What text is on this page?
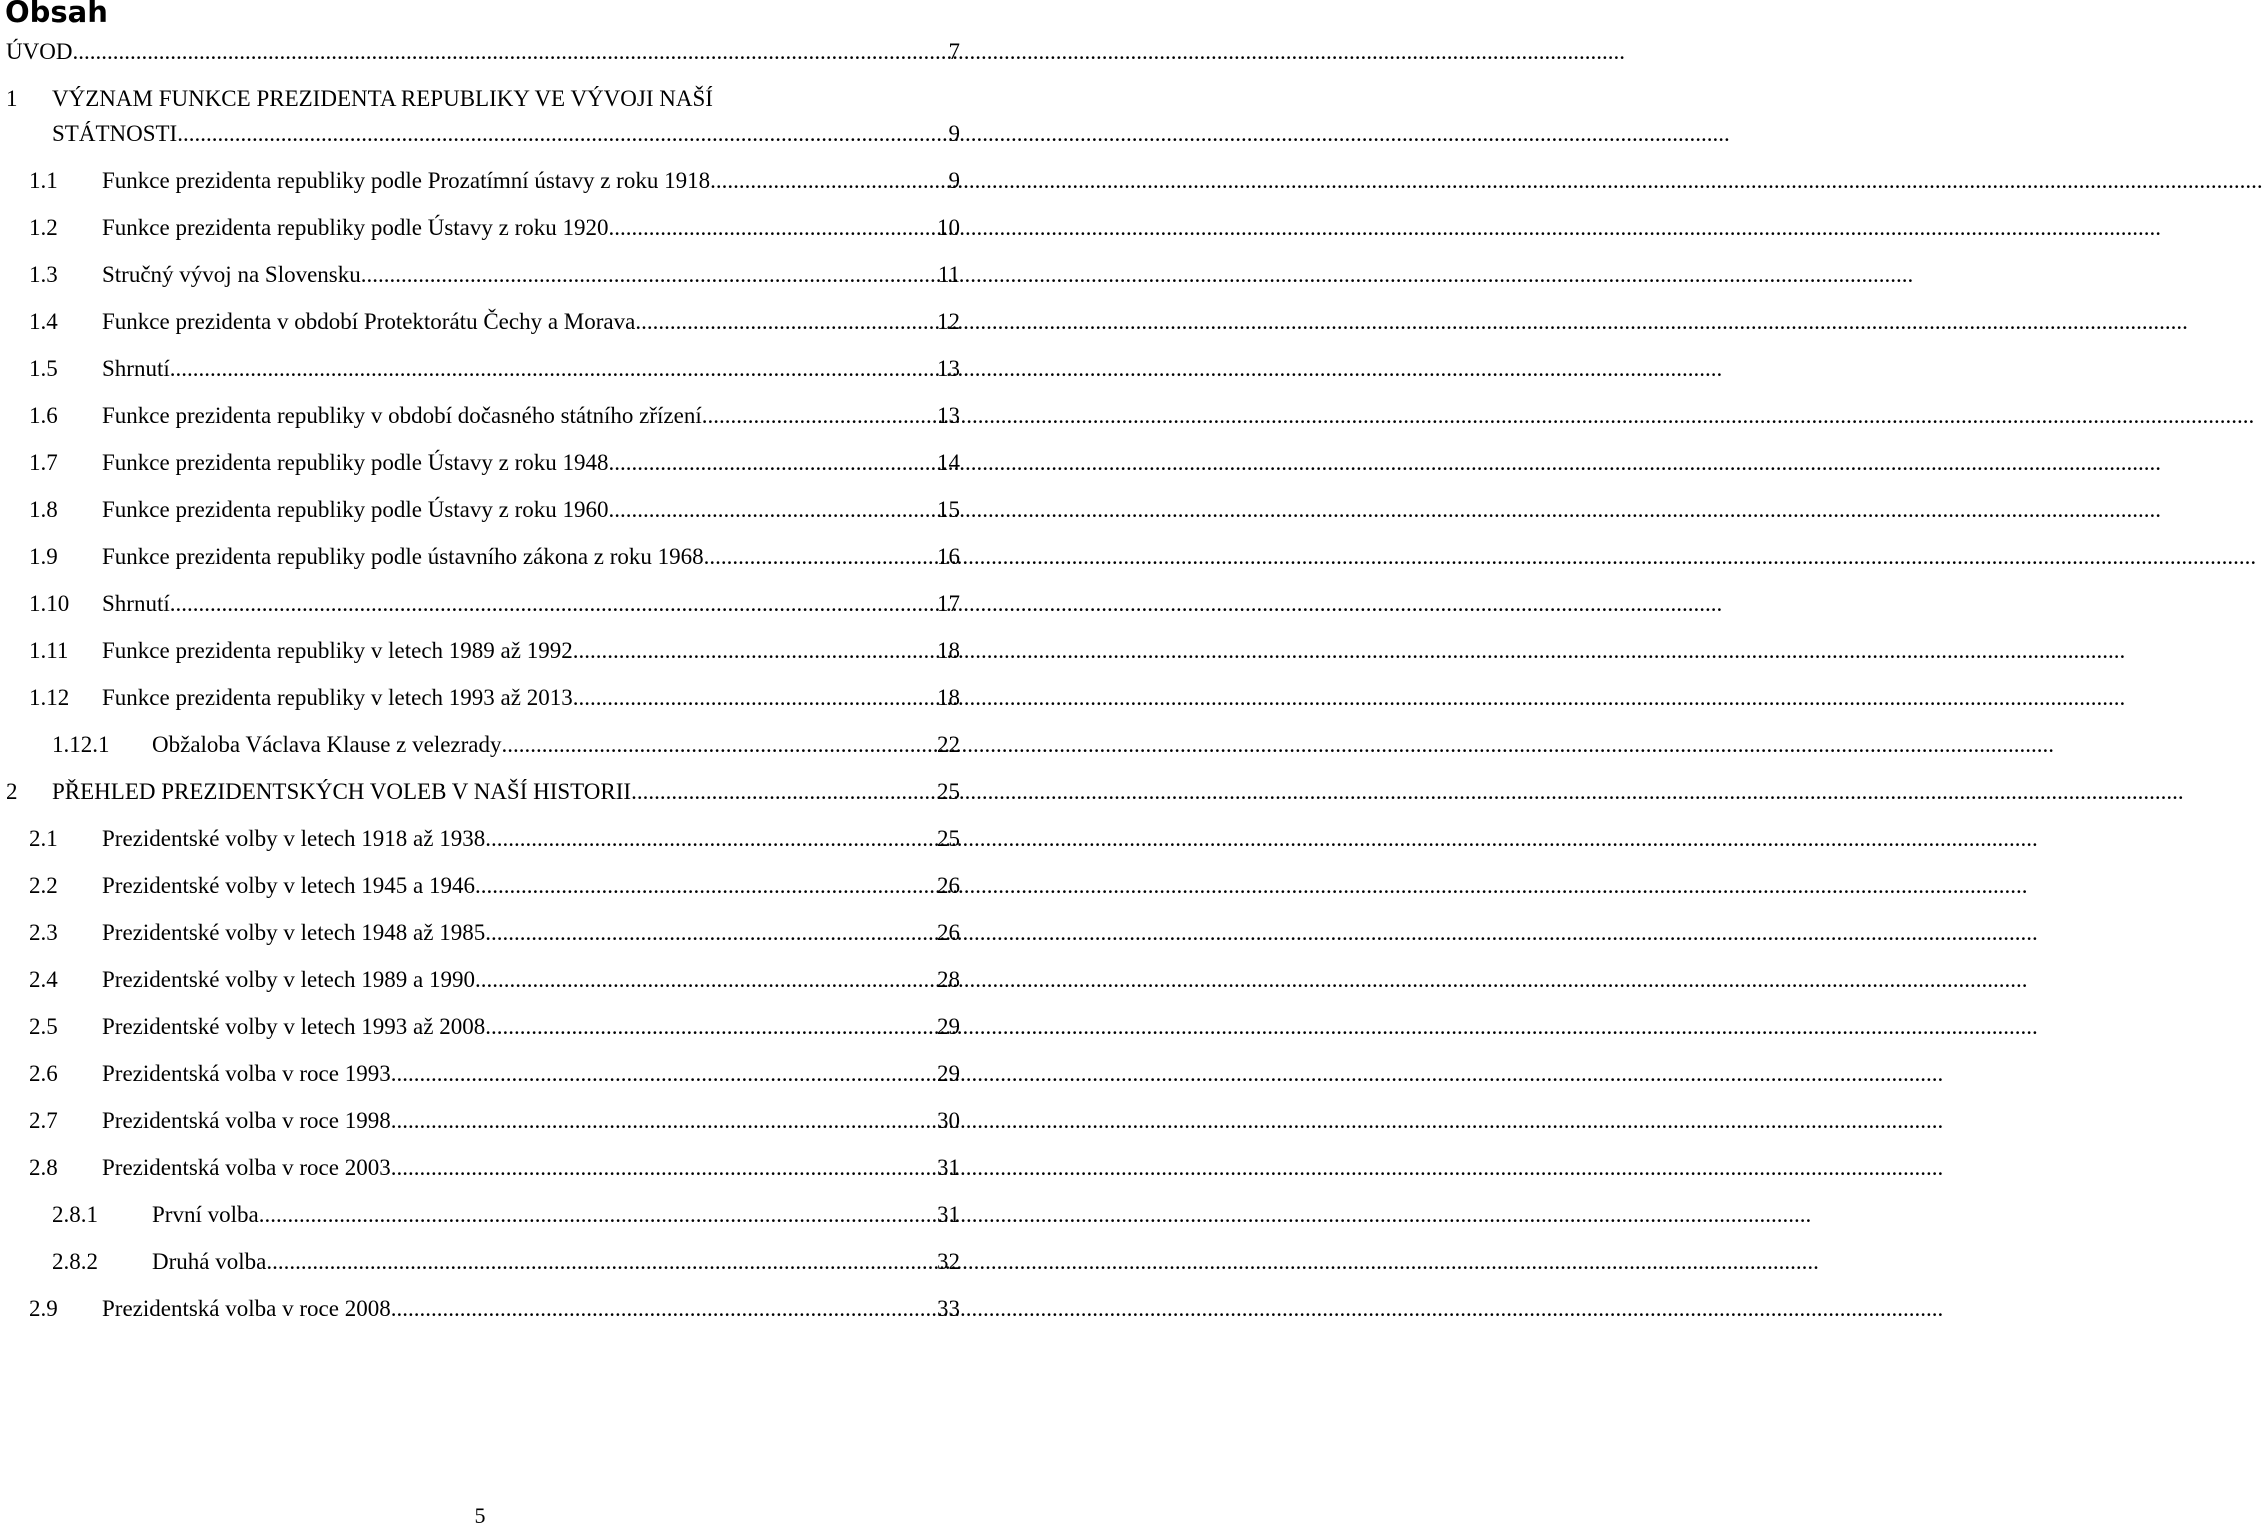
Obsah
ÚVOD .....	7
1 VÝZNAM FUNKCE PREZIDENTA REPUBLIKY VE VÝVOJI NAŠÍ
STÁTNOSTI .....	9
1.1	Funkce prezidenta republiky podle Prozatímní ústavy z roku 1918 .....	9
1.2	Funkce prezidenta republiky podle Ústavy z roku 1920 .....	10
1.3	Stručný vývoj na Slovensku .....	11
1.4	Funkce prezidenta v období Protektorátu Čechy a Morava .....	12
1.5	Shrnutí .....	13
1.6	Funkce prezidenta republiky v období dočasného státního zřízení .....	13
1.7	Funkce prezidenta republiky podle Ústavy z roku 1948 .....	14
1.8	Funkce prezidenta republiky podle Ústavy z roku 1960 .....	15
1.9	Funkce prezidenta republiky podle ústavního zákona z roku 1968 .....	16
1.10	Shrnutí .....	17
1.11	Funkce prezidenta republiky v letech 1989 až 1992 .....	18
1.12	Funkce prezidenta republiky v letech 1993 až 2013 .....	18
1.12.1	Obžaloba Václava Klause z velezrady .....	22
2	PŘEHLED PREZIDENTSKÝCH VOLEB V NAŠÍ HISTORII .....	25
2.1	Prezidentské volby v letech 1918 až 1938 .....	25
2.2	Prezidentské volby v letech 1945 a 1946 .....	26
2.3	Prezidentské volby v letech 1948 až 1985 .....	26
2.4	Prezidentské volby v letech 1989 a 1990 .....	28
2.5	Prezidentské volby v letech 1993 až 2008 .....	29
2.6	Prezidentská volba v roce 1993 .....	29
2.7	Prezidentská volba v roce 1998 .....	30
2.8	Prezidentská volba v roce 2003 .....	31
2.8.1	První volba .....	31
2.8.2	Druhá volba .....	32
2.9	Prezidentská volba v roce 2008 .....	33
5
